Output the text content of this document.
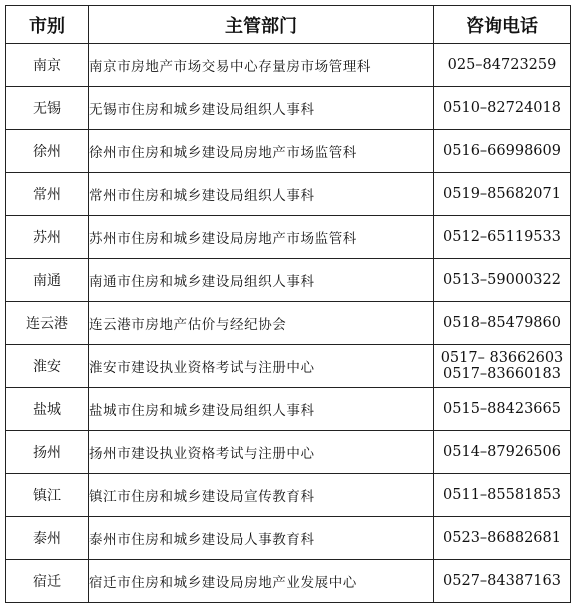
市别	主管部门	咨询电话
南京	南京市房地产市场交易中心存量房市场管理科	025–84723259

无锡	无锡市住房和城乡建设局组织人事科	0510–82724018

徐州	徐州市住房和城乡建设局房地产市场监管科	0516–66998609

常州	常州市住房和城乡建设局组织人事科	0519–85682071

苏州	苏州市住房和城乡建设局房地产市场监管科	0512–65119533

南通	南通市住房和城乡建设局组织人事科	0513–59000322

连云港	连云港市房地产估价与经纪协会	0518–85479860

淮安	淮安市建设执业资格考试与注册中心	0517– 83662603
0517–83660183

盐城	盐城市住房和城乡建设局组织人事科	0515–88423665

扬州	扬州市建设执业资格考试与注册中心	0514–87926506

镇江	镇江市住房和城乡建设局宣传教育科	0511–85581853

泰州	泰州市住房和城乡建设局人事教育科	0523–86882681

宿迁	宿迁市住房和城乡建设局房地产业发展中心	0527–84387163
